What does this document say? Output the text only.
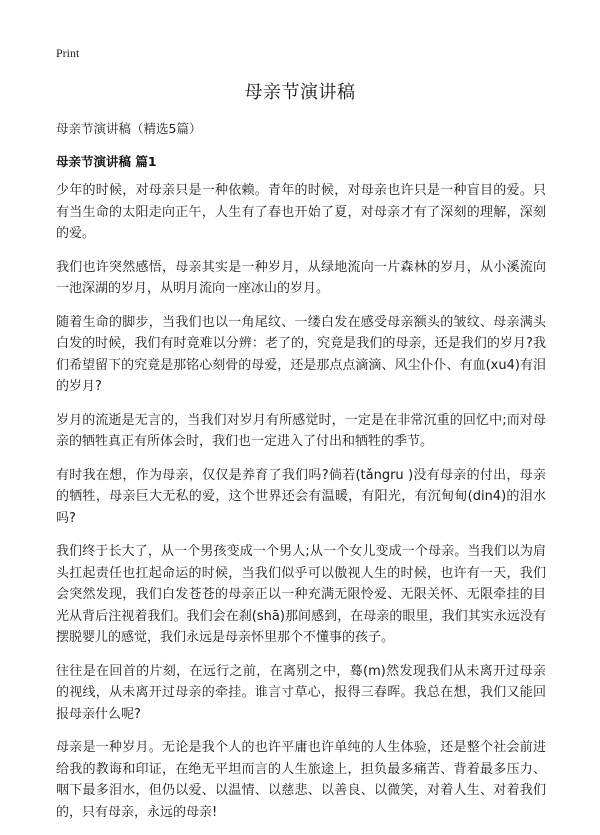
Print
母亲节演讲稿
母亲节演讲稿（精选5篇）
母亲节演讲稿 篇1

少年的时候，对母亲只是一种依赖。青年的时候，对母亲也许只是一种盲目的爱。只有当生命的太阳走向正午，人生有了春也开始了夏，对母亲才有了深刻的理解，深刻的爱。

我们也许突然感悟，母亲其实是一种岁月，从绿地流向一片森林的岁月，从小溪流向一池深湖的岁月，从明月流向一座冰山的岁月。

随着生命的脚步，当我们也以一角尾纹、一缕白发在感受母亲额头的皱纹、母亲满头白发的时候，我们有时竟难以分辨：老了的，究竟是我们的母亲，还是我们的岁月?我们希望留下的究竟是那铭心刻骨的母爱，还是那点点滴滴、风尘仆仆、有血(xu4)有泪的岁月?

岁月的流逝是无言的，当我们对岁月有所感觉时，一定是在非常沉重的回忆中;而对母亲的牺牲真正有所体会时，我们也一定进入了付出和牺牲的季节。

有时我在想，作为母亲，仅仅是养育了我们吗?倘若(tǎngru )没有母亲的付出，母亲的牺牲，母亲巨大无私的爱，这个世界还会有温暖，有阳光，有沉甸甸(din4)的泪水吗?

我们终于长大了，从一个男孩变成一个男人;从一个女儿变成一个母亲。当我们以为肩头扛起责任也扛起命运的时候，当我们似乎可以傲视人生的时候，也许有一天，我们会突然发现，我们白发苍苍的母亲正以一种充满无限怜爱、无限关怀、无限牵挂的目光从背后注视着我们。我们会在刹(shā)那间感到，在母亲的眼里，我们其实永远没有摆脱婴儿的感觉，我们永远是母亲怀里那个不懂事的孩子。

往往是在回首的片刻，在远行之前，在离别之中，蓦(m)然发现我们从未离开过母亲的视线，从未离开过母亲的牵挂。谁言寸草心，报得三春晖。我总在想，我们又能回报母亲什么呢?

母亲是一种岁月。无论是我个人的也许平庸也许单纯的人生体验，还是整个社会前进给我的教诲和印证，在绝无平坦而言的人生旅途上，担负最多痛苦、背着最多压力、咽下最多泪水，但仍以爱、以温情、以慈悲、以善良、以微笑，对着人生、对着我们的，只有母亲，永远的母亲!
